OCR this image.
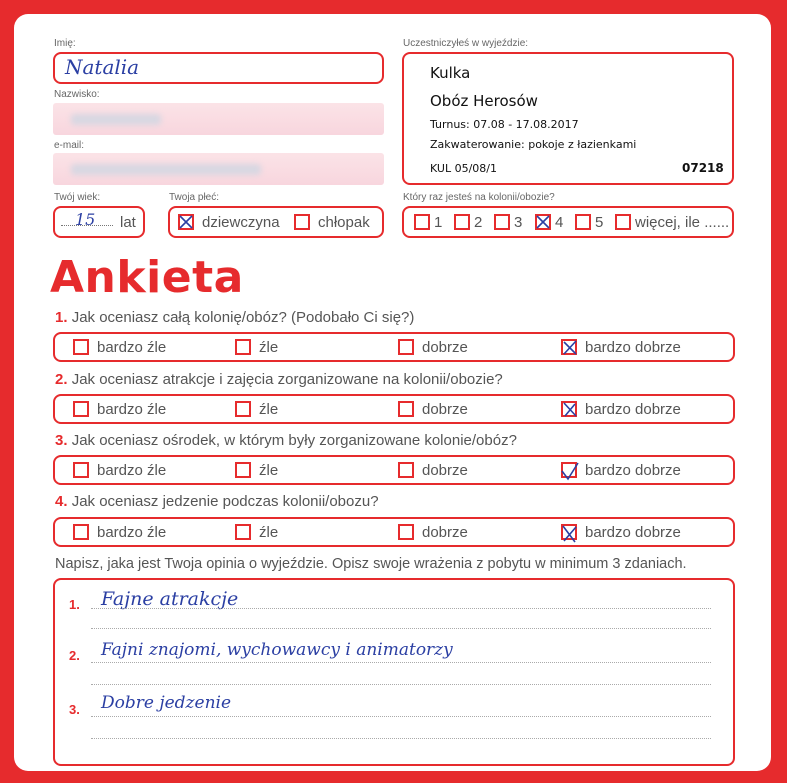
Imię:
Natalia
Nazwisko:
e-mail:
Twój wiek:
15 lat
Twoja płeć:
dziewczyna	chłopak
Uczestniczyłeś w wyjeździe:
Kulka
Obóz Herosów
Turnus: 07.08 - 17.08.2017
Zakwaterowanie: pokoje z łazienkami
KUL 05/08/1	07218
Który raz jesteś na kolonii/obozie?
1 2 3 4 5 więcej, ile ......
Ankieta
1. Jak oceniasz całą kolonię/obóz? (Podobało Ci się?)
bardzo źle	źle	dobrze	bardzo dobrze
2. Jak oceniasz atrakcje i zajęcia zorganizowane na kolonii/obozie?
bardzo źle	źle	dobrze	bardzo dobrze
3. Jak oceniasz ośrodek, w którym były zorganizowane kolonie/obóz?
bardzo źle	źle	dobrze	bardzo dobrze
4. Jak oceniasz jedzenie podczas kolonii/obozu?
bardzo źle	źle	dobrze	bardzo dobrze
Napisz, jaka jest Twoja opinia o wyjeździe. Opisz swoje wrażenia z pobytu w minimum 3 zdaniach.
1. Fajne atrakcje
2. Fajni znajomi, wychowawcy i animatorzy
3. Dobre jedzenie
